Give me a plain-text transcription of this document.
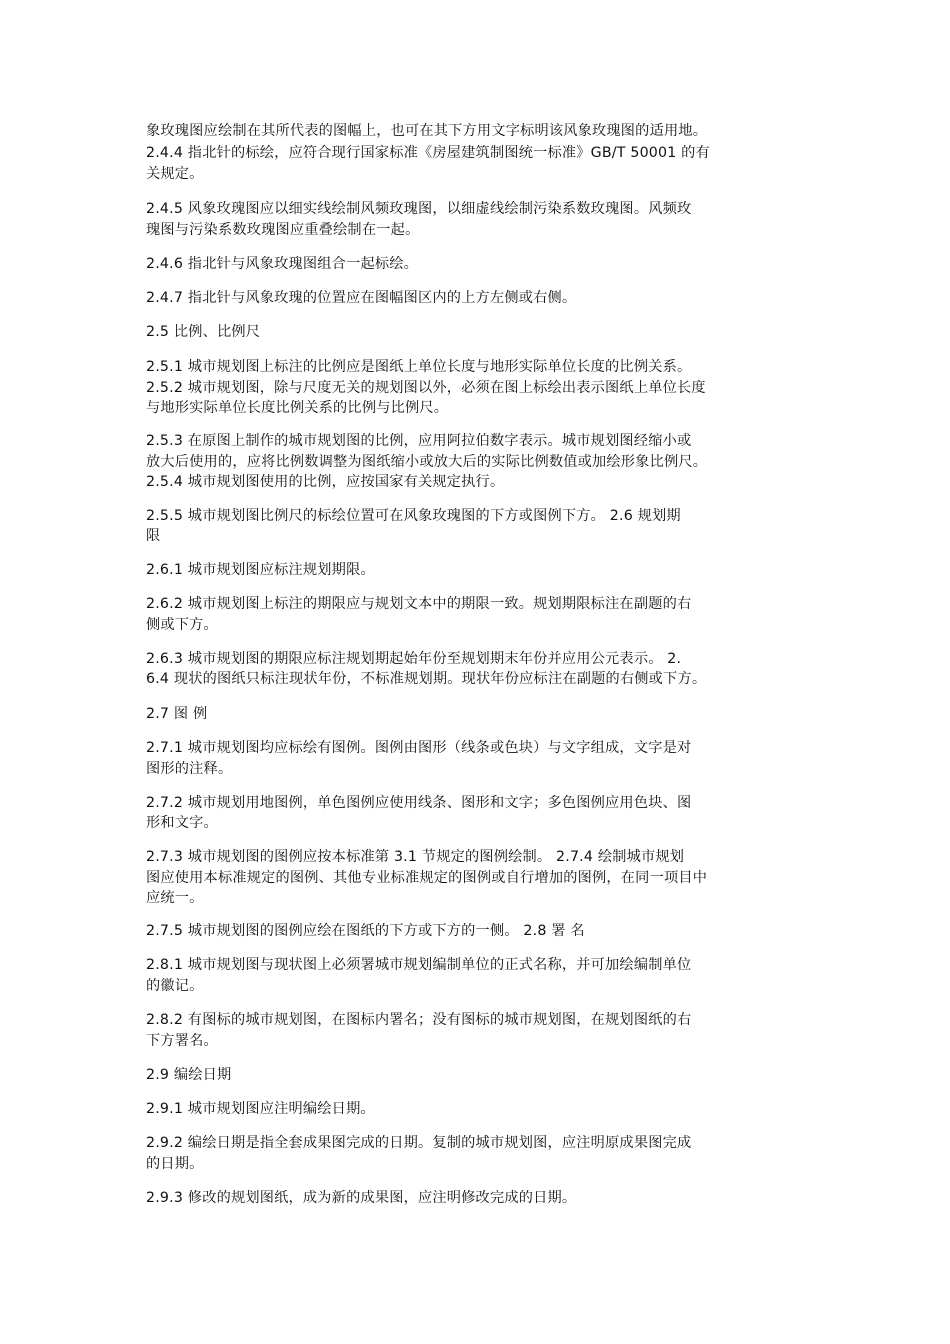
象玫瑰图应绘制在其所代表的图幅上，也可在其下方用文字标明该风象玫瑰图的适用地。
2.4.4 指北针的标绘，应符合现行国家标准《房屋建筑制图统一标准》GB/T 50001 的有
关规定。
2.4.5 风象玫瑰图应以细实线绘制风频玫瑰图，以细虚线绘制污染系数玫瑰图。风频玫
瑰图与污染系数玫瑰图应重叠绘制在一起。
2.4.6 指北针与风象玫瑰图组合一起标绘。
2.4.7 指北针与风象玫瑰的位置应在图幅图区内的上方左侧或右侧。
2.5 比例、比例尺
2.5.1 城市规划图上标注的比例应是图纸上单位长度与地形实际单位长度的比例关系。
2.5.2 城市规划图，除与尺度无关的规划图以外，必须在图上标绘出表示图纸上单位长度
与地形实际单位长度比例关系的比例与比例尺。
2.5.3 在原图上制作的城市规划图的比例，应用阿拉伯数字表示。城市规划图经缩小或
放大后使用的，应将比例数调整为图纸缩小或放大后的实际比例数值或加绘形象比例尺。
2.5.4 城市规划图使用的比例，应按国家有关规定执行。
2.5.5 城市规划图比例尺的标绘位置可在风象玫瑰图的下方或图例下方。 2.6 规划期
限
2.6.1 城市规划图应标注规划期限。
2.6.2 城市规划图上标注的期限应与规划文本中的期限一致。规划期限标注在副题的右
侧或下方。
2.6.3 城市规划图的期限应标注规划期起始年份至规划期末年份并应用公元表示。 2.
6.4 现状的图纸只标注现状年份，不标准规划期。现状年份应标注在副题的右侧或下方。
2.7 图 例
2.7.1 城市规划图均应标绘有图例。图例由图形（线条或色块）与文字组成，文字是对
图形的注释。
2.7.2 城市规划用地图例，单色图例应使用线条、图形和文字；多色图例应用色块、图
形和文字。
2.7.3 城市规划图的图例应按本标准第 3.1 节规定的图例绘制。 2.7.4 绘制城市规划
图应使用本标准规定的图例、其他专业标准规定的图例或自行增加的图例，在同一项目中
应统一。
2.7.5 城市规划图的图例应绘在图纸的下方或下方的一侧。 2.8 署 名
2.8.1 城市规划图与现状图上必须署城市规划编制单位的正式名称，并可加绘编制单位
的徽记。
2.8.2 有图标的城市规划图，在图标内署名；没有图标的城市规划图，在规划图纸的右
下方署名。
2.9 编绘日期
2.9.1 城市规划图应注明编绘日期。
2.9.2 编绘日期是指全套成果图完成的日期。复制的城市规划图，应注明原成果图完成
的日期。
2.9.3 修改的规划图纸，成为新的成果图，应注明修改完成的日期。
